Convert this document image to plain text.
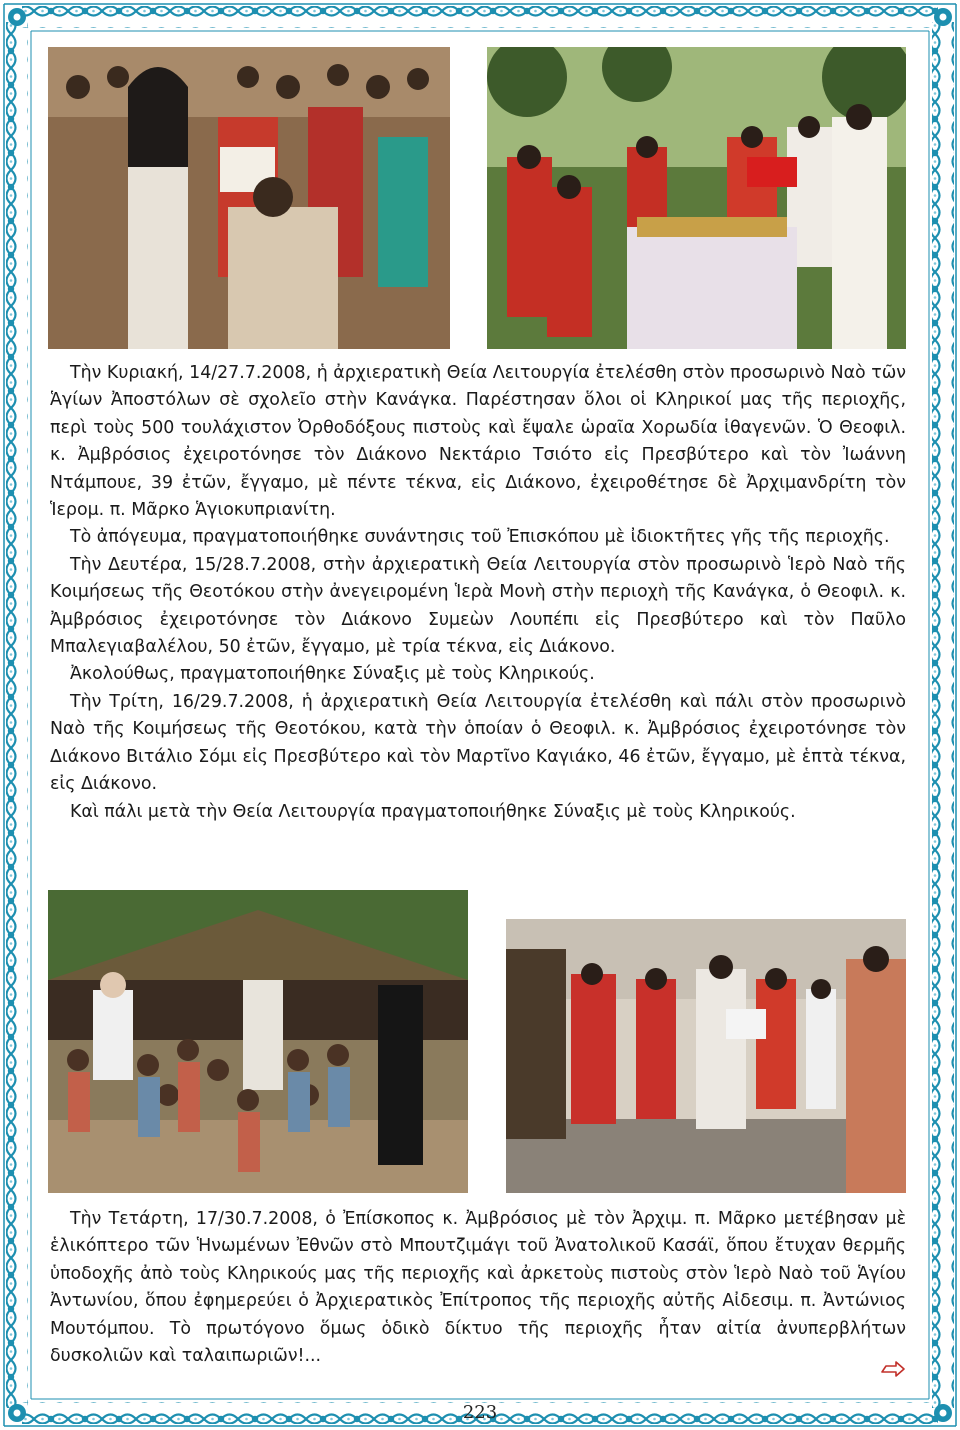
Τὴν Κυριακή, 14/27.7.2008, ἡ ἀρχιερατικὴ Θεία Λειτουργία ἐτελέσθη στὸν προσωρινὸ Ναὸ τῶν Ἁγίων Ἀποστόλων σὲ σχολεῖο στὴν Κανάγκα. Παρέστησαν ὅλοι οἱ Κληρικοί μας τῆς περιοχῆς, περὶ τοὺς 500 τουλάχιστον Ὀρθοδόξους πιστοὺς καὶ ἔψαλε ὡραῖα Χορωδία ἰθαγενῶν. Ὁ Θεοφιλ. κ. Ἀμβρόσιος ἐχειροτόνησε τὸν Διάκονο Νεκτάριο Τσιότο εἰς Πρεσβύτερο καὶ τὸν Ἰωάννη Ντάμπουε, 39 ἐτῶν, ἔγγαμο, μὲ πέντε τέκνα, εἰς Διάκονο, ἐχειροθέτησε δὲ Ἀρχιμανδρίτη τὸν Ἱερομ. π. Μᾶρκο Ἁγιοκυπριανίτη.

Τὸ ἀπόγευμα, πραγματοποιήθηκε συνάντησις τοῦ Ἐπισκόπου μὲ ἰδιοκτῆτες γῆς τῆς περιοχῆς.

Τὴν Δευτέρα, 15/28.7.2008, στὴν ἀρχιερατικὴ Θεία Λειτουργία στὸν προσωρινὸ Ἱερὸ Ναὸ τῆς Κοιμήσεως τῆς Θεοτόκου στὴν ἀνεγειρομένη Ἱερὰ Μονὴ στὴν περιοχὴ τῆς Κανάγκα, ὁ Θεοφιλ. κ. Ἀμβρόσιος ἐχειροτόνησε τὸν Διάκονο Συμεὼν Λουπέπι εἰς Πρεσβύτερο καὶ τὸν Παῦλο Μπαλεγιαβαλέλου, 50 ἐτῶν, ἔγγαμο, μὲ τρία τέκνα, εἰς Διάκονο.

Ἀκολούθως, πραγματοποιήθηκε Σύναξις μὲ τοὺς Κληρικούς.

Τὴν Τρίτη, 16/29.7.2008, ἡ ἀρχιερατικὴ Θεία Λειτουργία ἐτελέσθη καὶ πάλι στὸν προσωρινὸ Ναὸ τῆς Κοιμήσεως τῆς Θεοτόκου, κατὰ τὴν ὁποίαν ὁ Θεοφιλ. κ. Ἀμβρόσιος ἐχειροτόνησε τὸν Διάκονο Βιτάλιο Σόμι εἰς Πρεσβύτερο καὶ τὸν Μαρτῖνο Καγιάκο, 46 ἐτῶν, ἔγγαμο, μὲ ἑπτὰ τέκνα, εἰς Διάκονο.

Καὶ πάλι μετὰ τὴν Θεία Λειτουργία πραγματοποιήθηκε Σύναξις μὲ τοὺς Κληρικούς.

Τὴν Τετάρτη, 17/30.7.2008, ὁ Ἐπίσκοπος κ. Ἀμβρόσιος μὲ τὸν Ἀρχιμ. π. Μᾶρκο μετέβησαν μὲ ἑλικόπτερο τῶν Ἡνωμένων Ἐθνῶν στὸ Μπουτζιμάγι τοῦ Ἀνατολικοῦ Κασάϊ, ὅπου ἔτυχαν θερμῆς ὑποδοχῆς ἀπὸ τοὺς Κληρικούς μας τῆς περιοχῆς καὶ ἀρκετοὺς πιστοὺς στὸν Ἱερὸ Ναὸ τοῦ Ἁγίου Ἀντωνίου, ὅπου ἐφημερεύει ὁ Ἀρχιερατικὸς Ἐπίτροπος τῆς περιοχῆς αὐτῆς Αἰδεσιμ. π. Ἀντώνιος Μουτόμπου. Τὸ πρωτόγονο ὅμως ὁδικὸ δίκτυο τῆς περιοχῆς ἦταν αἰτία ἀνυπερβλήτων δυσκολιῶν καὶ ταλαιπωριῶν!...

223
